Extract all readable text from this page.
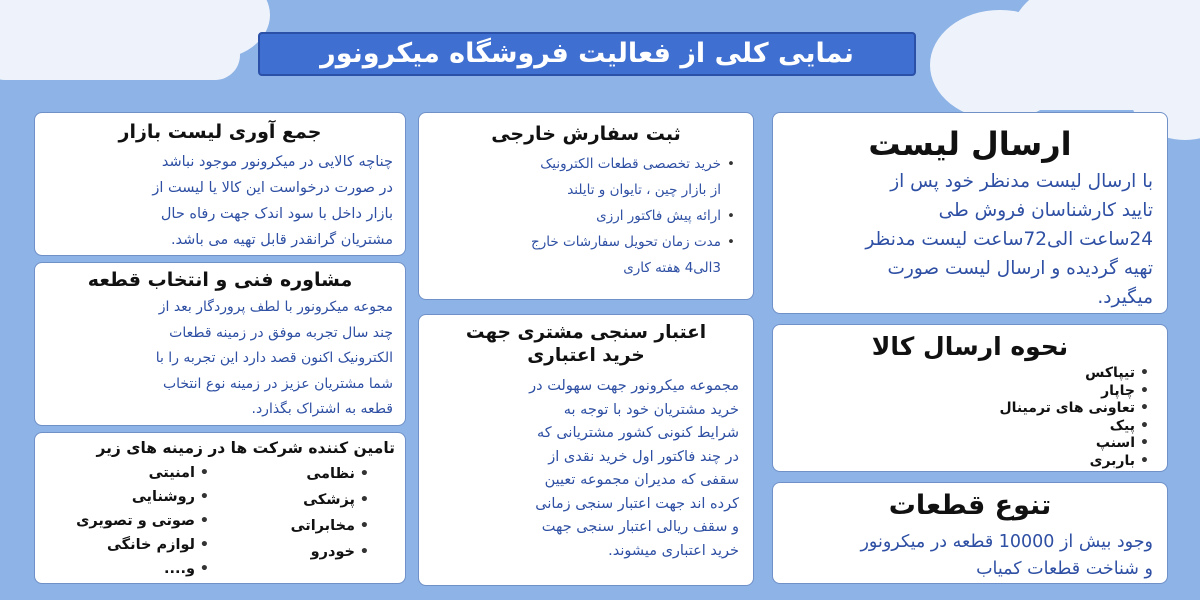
نمایی کلی از فعالیت فروشگاه میکرونور
ارسال لیست
با ارسال لیست مدنظر خود پس از
تایید کارشناسان فروش طی
24ساعت الی72ساعت لیست مدنظر
تهیه گردیده و ارسال لیست صورت
میگیرد.
نحوه ارسال کالا
• تیپاکس
• چاپار
• تعاونی های ترمینال
• پیک
• اسنپ
• باربری
تنوع قطعات
وجود بیش از 10000 قطعه در میکرونور
و شناخت قطعات کمیاب
ثبت سفارش خارجی
• خرید تخصصی قطعات الکترونیک
از بازار چین ، تایوان و تایلند
• ارائه پیش فاکتور ارزی
• مدت زمان تحویل سفارشات خارج
3الی4 هفته کاری
اعتبار سنجی مشتری جهت
خرید اعتباری
مجموعه میکرونور جهت سهولت در
خرید مشتریان خود با توجه به
شرایط کنونی کشور مشتریانی که
در چند فاکتور اول خرید نقدی از
سقفی که مدیران مجموعه تعیین
کرده اند جهت اعتبار سنجی زمانی
و سقف ریالی اعتبار سنجی جهت
خرید اعتباری میشوند.
جمع آوری لیست بازار
چناچه کالایی در میکرونور موجود نباشد
در صورت درخواست این کالا یا لیست از
بازار داخل با سود اندک جهت رفاه حال
مشتریان گرانقدر قابل تهیه می باشد.
مشاوره فنی و انتخاب قطعه
مجوعه میکرونور با لطف پروردگار بعد از
چند سال تجربه موفق در زمینه قطعات
الکترونیک اکنون قصد دارد این تجربه را با
شما مشتریان عزیز در زمینه نوع انتخاب
قطعه به اشتراک بگذارد.
تامین کننده شرکت ها در زمینه های زیر
• نظامی
• پزشکی
• مخابراتی
• خودرو
• امنیتی
• روشنایی
• صوتی و تصویری
• لوازم خانگی
• و....
